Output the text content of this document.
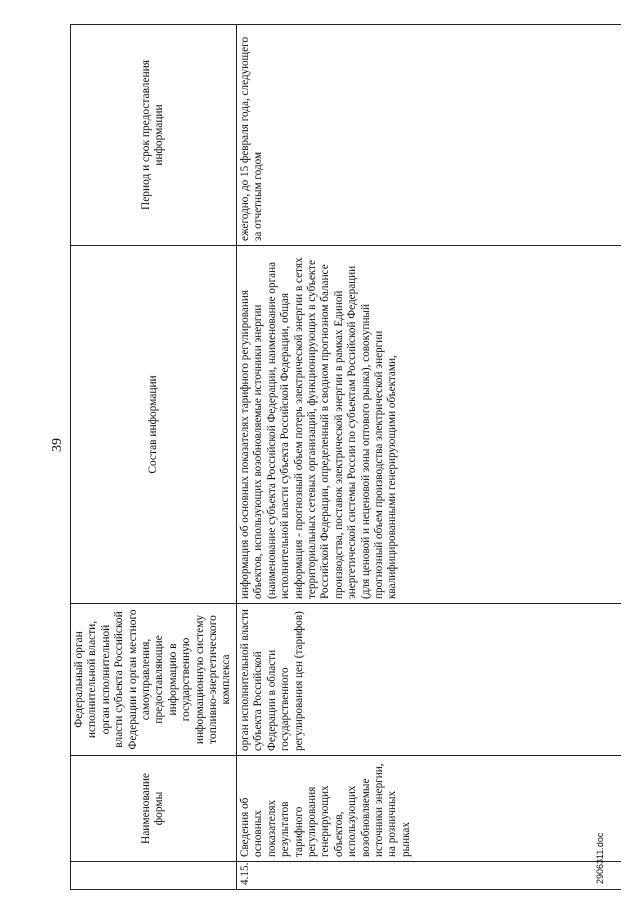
39
	Наименование формы	Федеральный орган исполнительной власти, орган исполнительной власти субъекта Российской Федерации и орган местного самоуправления, предоставляющие информацию в государственную информационную систему топливно-энергетического комплекса	Состав информации	Период и срок предоставления информации
4.15.	Сведения об основных показателях результатов тарифного регулирования генерирующих объектов, использующих возобновляемые источники энергии, на розничных рынках	орган исполнительной власти субъекта Российской Федерации в области государственного регулирования цен (тарифов)	информация об основных показателях тарифного регулирования объектов, использующих возобновляемые источники энергии (наименование субъекта Российской Федерации, наименование органа исполнительной власти субъекта Российской Федерации, общая информация - прогнозный объем потерь электрической энергии в сетях территориальных сетевых организаций, функционирующих в субъекте Российской Федерации, определенный в сводном прогнозном балансе производства, поставок электрической энергии в рамках Единой энергетической системы России по субъектам Российской Федерации (для ценовой и неценовой зоны оптового рынка), совокупный прогнозный объем производства электрической энергии квалифицированными генерирующими объектами,	ежегодно, до 15 февраля года, следующего за отчетным годом
2906311.doc
